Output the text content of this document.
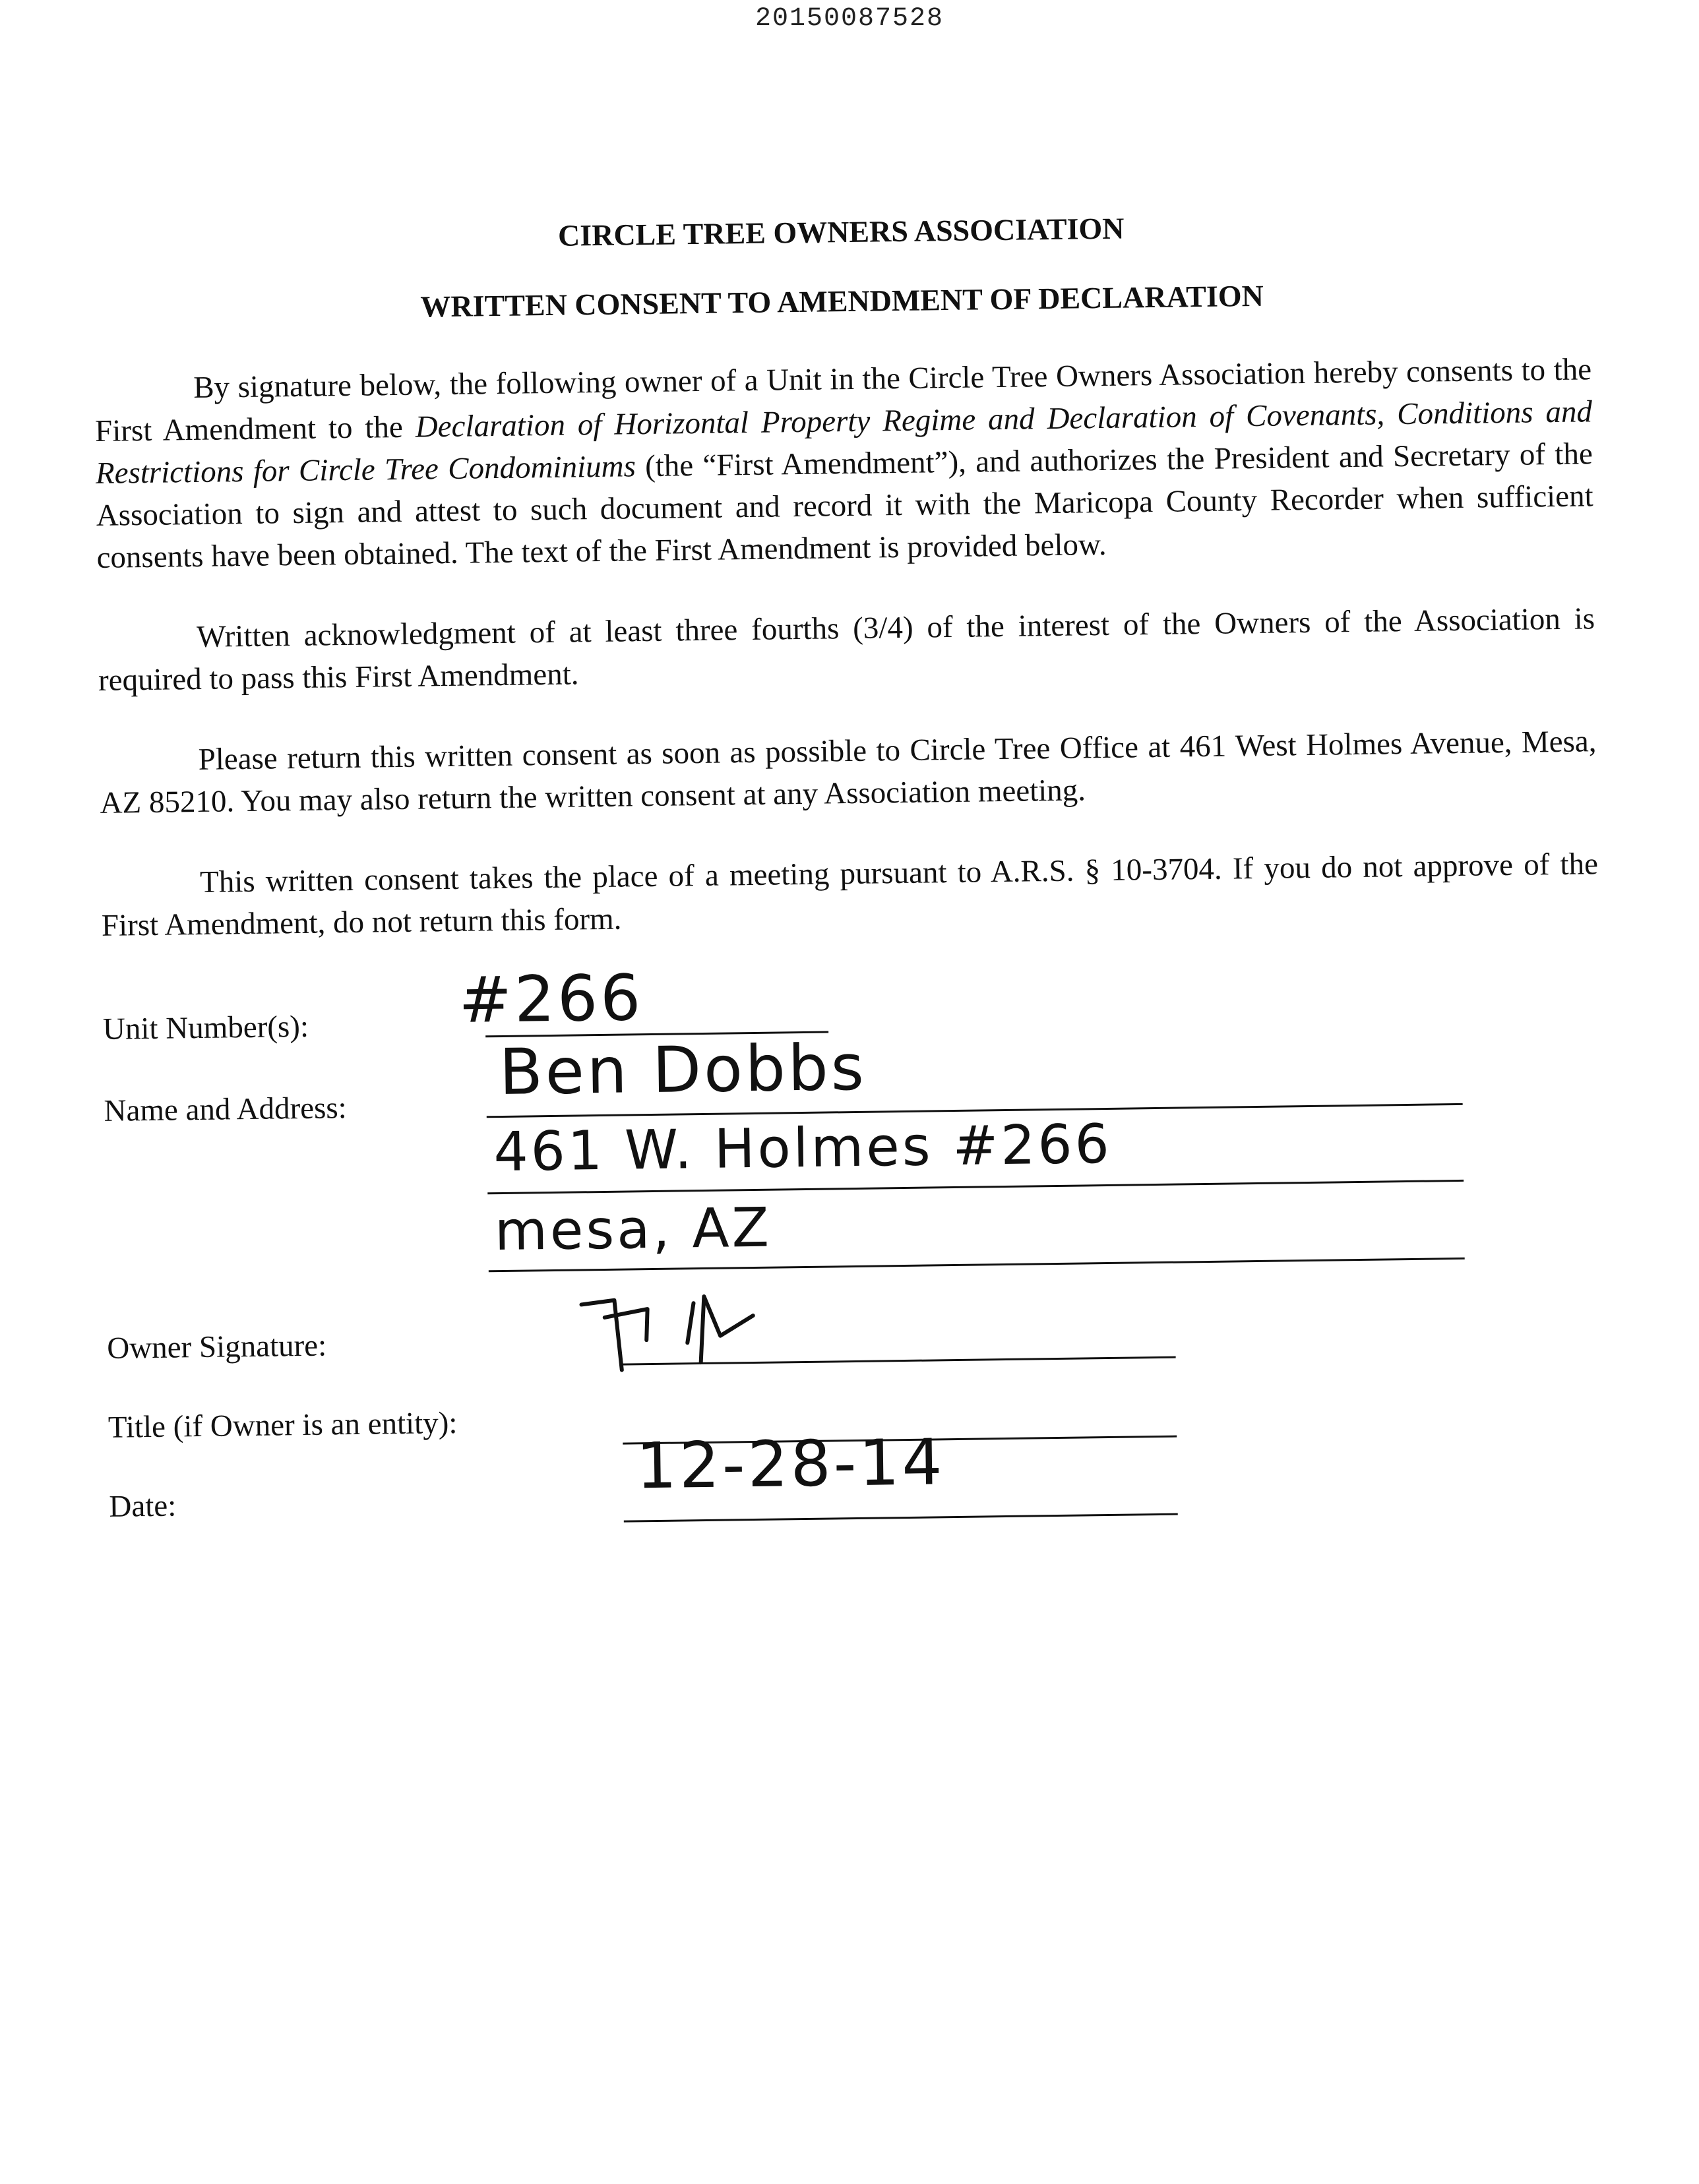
20150087528

CIRCLE TREE OWNERS ASSOCIATION

WRITTEN CONSENT TO AMENDMENT OF DECLARATION

By signature below, the following owner of a Unit in the Circle Tree Owners Association hereby consents to the First Amendment to the Declaration of Horizontal Property Regime and Declaration of Covenants, Conditions and Restrictions for Circle Tree Condominiums (the “First Amendment”), and authorizes the President and Secretary of the Association to sign and attest to such document and record it with the Maricopa County Recorder when sufficient consents have been obtained. The text of the First Amendment is provided below.

Written acknowledgment of at least three fourths (3/4) of the interest of the Owners of the Association is required to pass this First Amendment.

Please return this written consent as soon as possible to Circle Tree Office at 461 West Holmes Avenue, Mesa, AZ 85210. You may also return the written consent at any Association meeting.

This written consent takes the place of a meeting pursuant to A.R.S. § 10-3704. If you do not approve of the First Amendment, do not return this form.

Unit Number(s): #266
Name and Address:
Ben Dobbs
461 W. Holmes #266
mesa, AZ
Owner Signature:
Title (if Owner is an entity):
Date:
12-28-14
